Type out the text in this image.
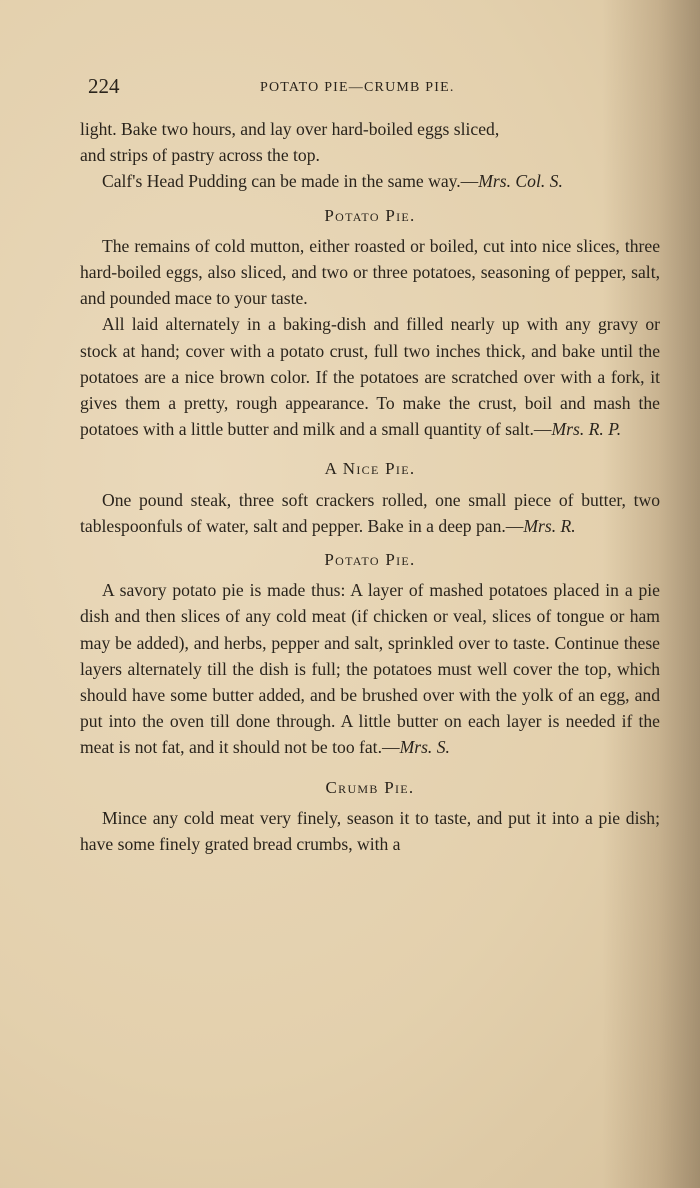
224	POTATO PIE—CRUMB PIE.

light. Bake two hours, and lay over hard-boiled eggs sliced,
and strips of pastry across the top.

Calf's Head Pudding can be made in the same way.—Mrs. Col. S.

Potato Pie.

The remains of cold mutton, either roasted or boiled, cut into nice slices, three hard-boiled eggs, also sliced, and two or three potatoes, seasoning of pepper, salt, and pounded mace to your taste.

All laid alternately in a baking-dish and filled nearly up with any gravy or stock at hand; cover with a potato crust, full two inches thick, and bake until the potatoes are a nice brown color. If the potatoes are scratched over with a fork, it gives them a pretty, rough appearance. To make the crust, boil and mash the potatoes with a little butter and milk and a small quantity of salt.—Mrs. R. P.

A Nice Pie.

One pound steak, three soft crackers rolled, one small piece of butter, two tablespoonfuls of water, salt and pepper. Bake in a deep pan.—Mrs. R.

Potato Pie.

A savory potato pie is made thus: A layer of mashed potatoes placed in a pie dish and then slices of any cold meat (if chicken or veal, slices of tongue or ham may be added), and herbs, pepper and salt, sprinkled over to taste. Continue these layers alternately till the dish is full; the potatoes must well cover the top, which should have some butter added, and be brushed over with the yolk of an egg, and put into the oven till done through. A little butter on each layer is needed if the meat is not fat, and it should not be too fat.—Mrs. S.

Crumb Pie.

Mince any cold meat very finely, season it to taste, and put it into a pie dish; have some finely grated bread crumbs, with a
